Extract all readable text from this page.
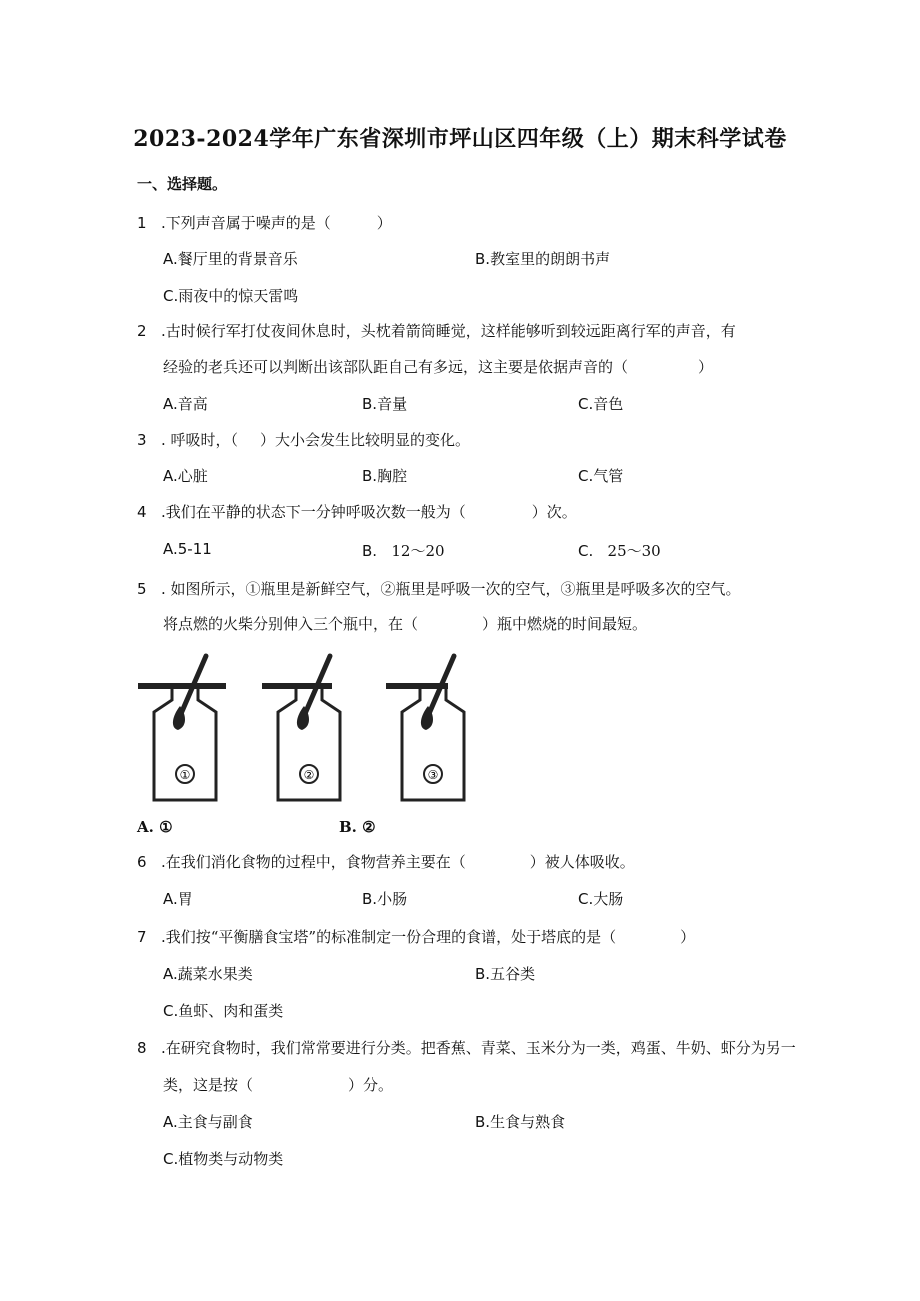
2023-2024学年广东省深圳市坪山区四年级（上）期末科学试卷
一、选择题。
1 .下列声音属于噪声的是（	）
A.餐厅里的背景音乐	B.教室里的朗朗书声
C.雨夜中的惊天雷鸣
2 .古时候行军打仗夜间休息时，头枕着箭筒睡觉，这样能够听到较远距离行军的声音，有
经验的老兵还可以判断出该部队距自己有多远，这主要是依据声音的（	）
A.音高	B.音量	C.音色
3 . 呼吸时，（ ）大小会发生比较明显的变化。
A.心脏	B.胸腔	C.气管
4 .我们在平静的状态下一分钟呼吸次数一般为（	）次。
A.5-11	B.   12～20	C.   25～30
5 . 如图所示，①瓶里是新鲜空气，②瓶里是呼吸一次的空气，③瓶里是呼吸多次的空气。
将点燃的火柴分别伸入三个瓶中，在（	）瓶中燃烧的时间最短。
①	②	③
A. ①	B. ②
6 .在我们消化食物的过程中，食物营养主要在（	）被人体吸收。
A.胃	B.小肠	C.大肠
7 .我们按“平衡膳食宝塔”的标准制定一份合理的食谱，处于塔底的是（	）
A.蔬菜水果类	B.五谷类
C.鱼虾、肉和蛋类
8 .在研究食物时，我们常常要进行分类。把香蕉、青菜、玉米分为一类，鸡蛋、牛奶、虾分为另一
类，这是按（	）分。
A.主食与副食	B.生食与熟食
C.植物类与动物类
